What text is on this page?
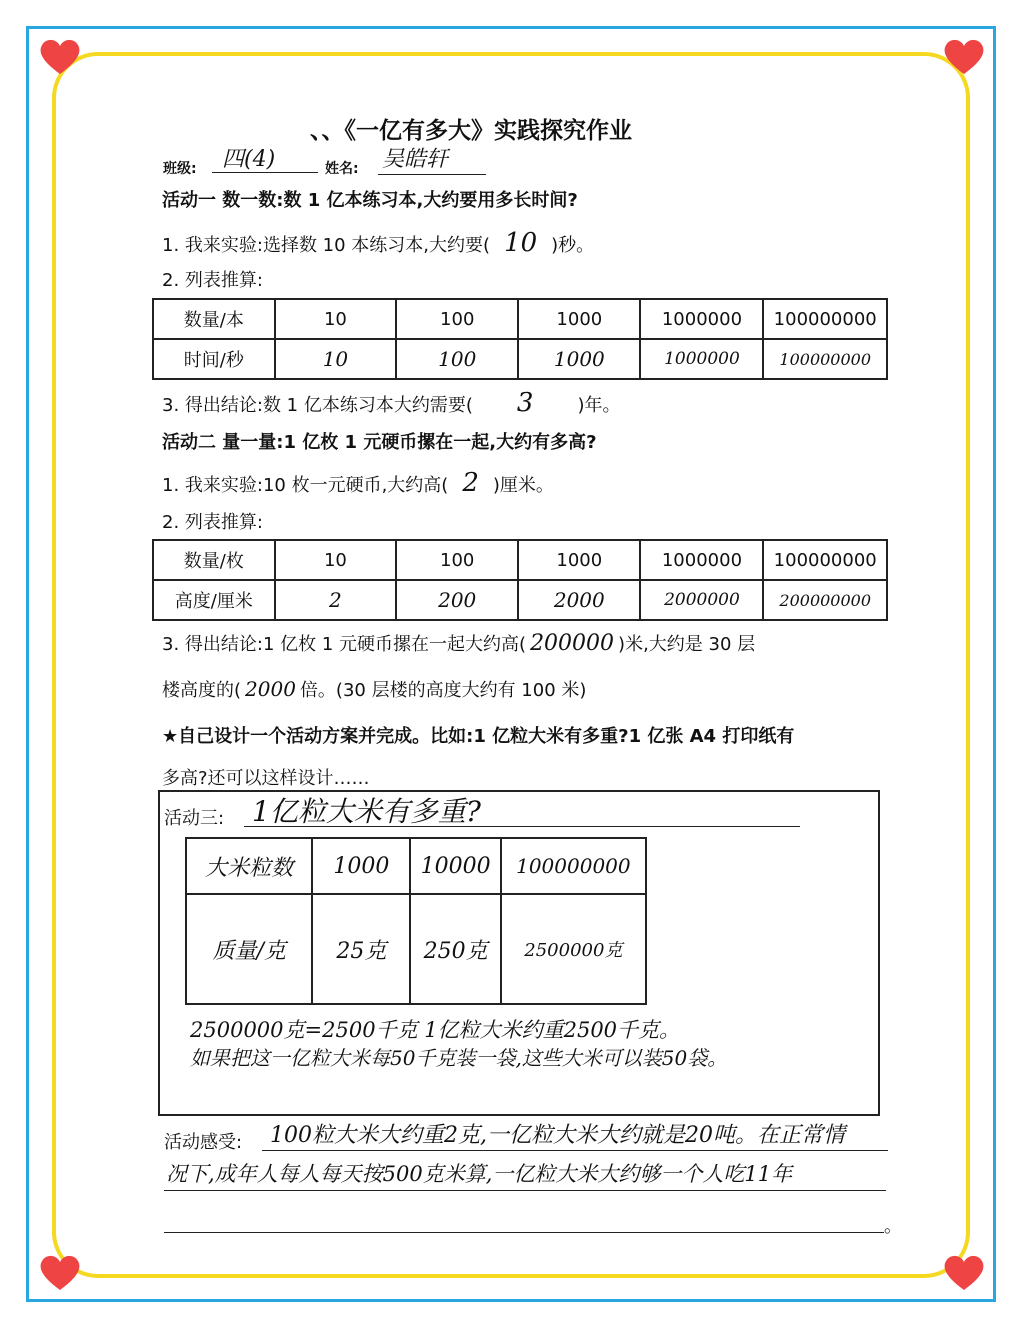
、、《一亿有多大》实践探究作业
班级: 四(4)	姓名: 吴皓轩
活动一 数一数:数 1 亿本练习本,大约要用多长时间?
1. 我来实验:选择数 10 本练习本,大约要( 10 )秒。
2. 列表推算:
数量/本	10	100	1000	1000000	100000000
时间/秒	10	100	1000	1000000	100000000
3. 得出结论:数 1 亿本练习本大约需要( 3 )年。
活动二 量一量:1 亿枚 1 元硬币摞在一起,大约有多高?
1. 我来实验:10 枚一元硬币,大约高( 2 )厘米。
2. 列表推算:
数量/枚	10	100	1000	1000000	100000000
高度/厘米	2	200	2000	2000000	200000000
3. 得出结论:1 亿枚 1 元硬币摞在一起大约高( 200000 )米,大约是 30 层
楼高度的( 2000 倍。(30 层楼的高度大约有 100 米)
★自己设计一个活动方案并完成。比如:1 亿粒大米有多重?1 亿张 A4 打印纸有
多高?还可以这样设计……
活动三: 1亿粒大米有多重?
大米粒数	1000	10000	100000000
质量/克	25克	250克	2500000克
2500000克=2500千克 1亿粒大米约重2500千克。
如果把这一亿粒大米每50千克装一袋,这些大米可以装50袋。
活动感受: 100粒大米大约重2克,一亿粒大米大约就是20吨。在正常情
况下,成年人每人每天按500克米算,一亿粒大米大约够一个人吃11年
。
